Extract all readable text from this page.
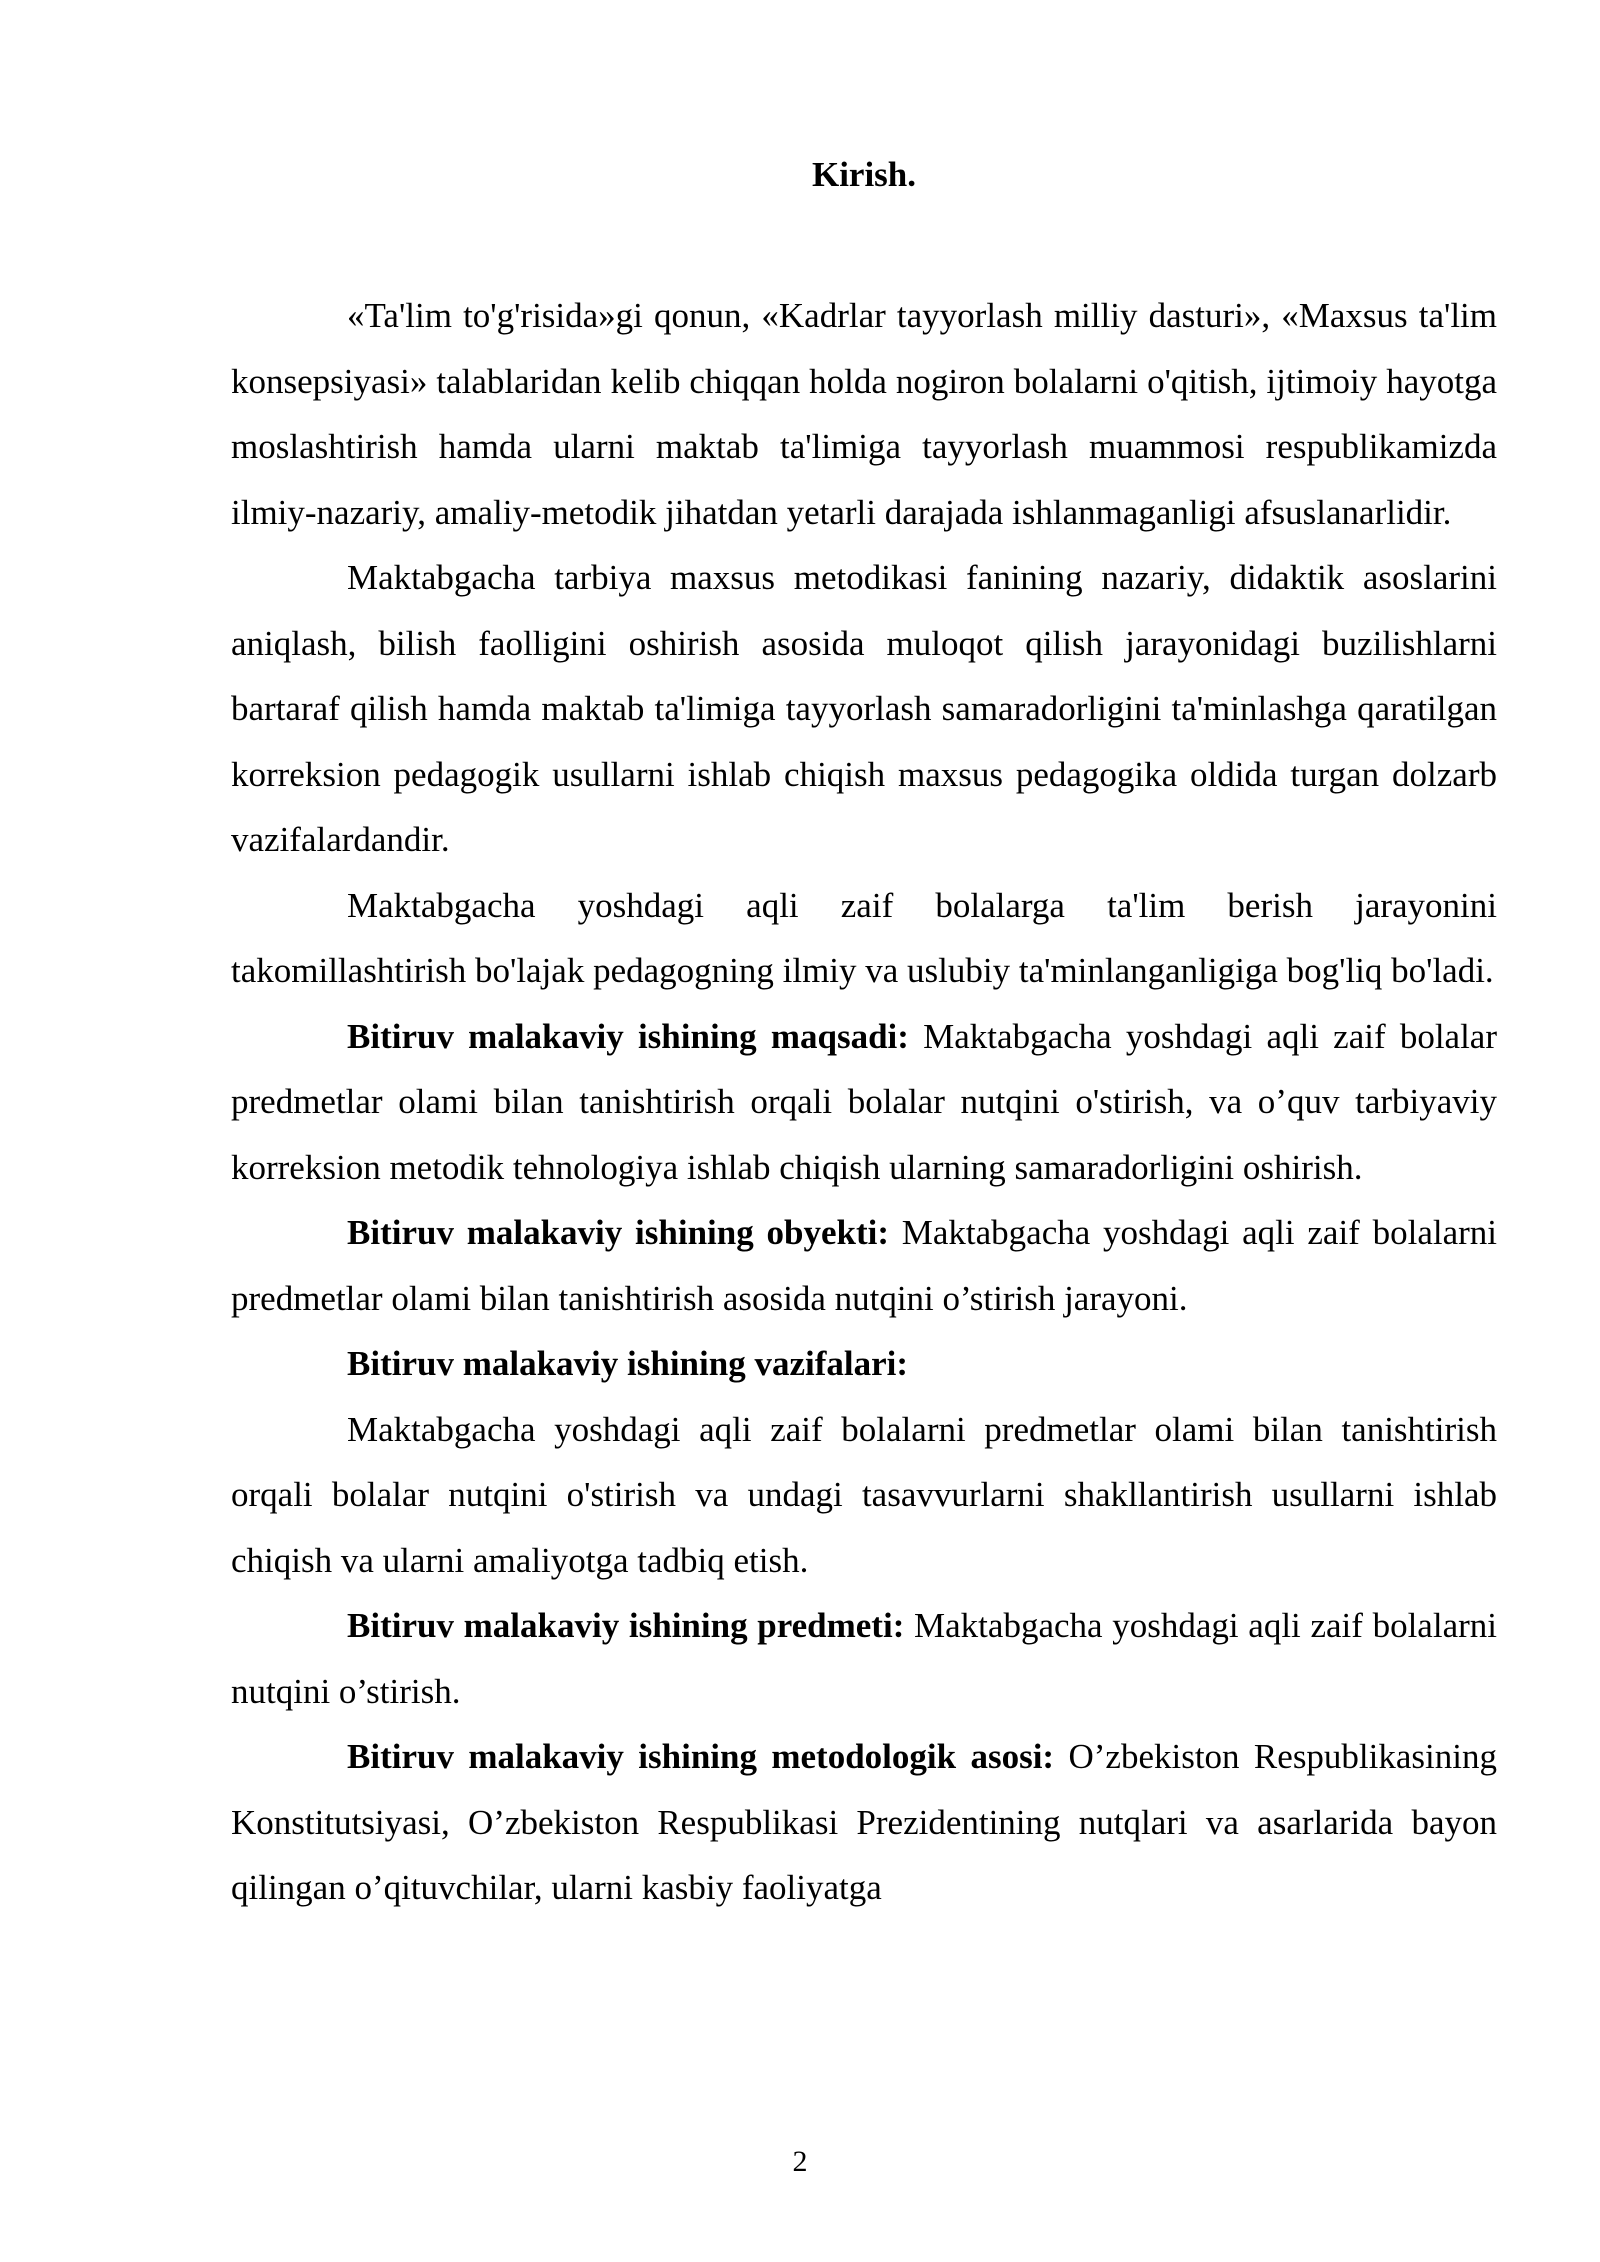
Kirish.

«Ta'lim to'g'risida»gi qonun, «Kadrlar tayyorlash milliy dasturi», «Maxsus ta'lim konsepsiyasi» talablaridan kelib chiqqan holda nogiron bolalarni o'qitish, ijtimoiy hayotga moslashtirish hamda ularni maktab ta'limiga tayyorlash muammosi respublikamizda ilmiy-nazariy, amaliy-metodik jihatdan yetarli darajada ishlanmaganligi afsuslanarlidir.

Maktabgacha tarbiya maxsus metodikasi fanining nazariy, didaktik asoslarini aniqlash, bilish faolligini oshirish asosida muloqot qilish jarayonidagi buzilishlarni bartaraf qilish hamda maktab ta'limiga tayyorlash samaradorligini ta'minlashga qaratilgan korreksion pedagogik usullarni ishlab chiqish maxsus pedagogika oldida turgan dolzarb vazifalardandir.

Maktabgacha yoshdagi aqli zaif bolalarga ta'lim berish jarayonini takomillashtirish bo'lajak pedagogning ilmiy va uslubiy ta'minlanganligiga bog'liq bo'ladi.

Bitiruv malakaviy ishining maqsadi: Maktabgacha yoshdagi aqli zaif bolalar predmetlar olami bilan tanishtirish orqali bolalar nutqini o'stirish, va o’quv tarbiyaviy korreksion metodik tehnologiya ishlab chiqish ularning samaradorligini oshirish.

Bitiruv malakaviy ishining obyekti: Maktabgacha yoshdagi aqli zaif bolalarni predmetlar olami bilan tanishtirish asosida nutqini o’stirish jarayoni.

Bitiruv malakaviy ishining vazifalari:

Maktabgacha yoshdagi aqli zaif bolalarni predmetlar olami bilan tanishtirish orqali bolalar nutqini o'stirish va undagi tasavvurlarni shakllantirish usullarni ishlab chiqish va ularni amaliyotga tadbiq etish.

Bitiruv malakaviy ishining predmeti: Maktabgacha yoshdagi aqli zaif bolalarni nutqini o’stirish.

Bitiruv malakaviy ishining metodologik asosi: O’zbekiston Respublikasining Konstitutsiyasi, O’zbekiston Respublikasi Prezidentining nutqlari va asarlarida bayon qilingan o’qituvchilar, ularni kasbiy faoliyatga

2
